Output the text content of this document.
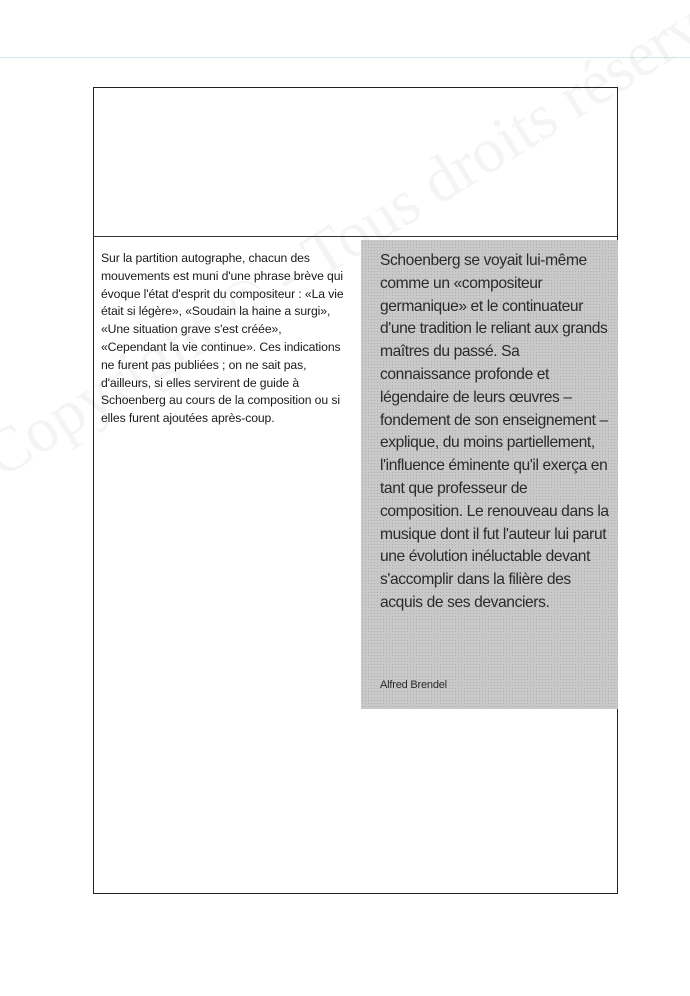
Sur la partition autographe, chacun des mouvements est muni d'une phrase brève qui évoque l'état d'esprit du compositeur : «La vie était si légère», «Soudain la haine a surgi», «Une situation grave s'est créée», «Cependant la vie continue». Ces indications ne furent pas publiées ; on ne sait pas, d'ailleurs, si elles servirent de guide à Schoenberg au cours de la composition ou si elles furent ajoutées après-coup.
Schoenberg se voyait lui-même comme un «compositeur germanique» et le continuateur d'une tradition le reliant aux grands maîtres du passé. Sa connaissance profonde et légendaire de leurs œuvres – fondement de son enseignement – explique, du moins partiellement, l'influence éminente qu'il exerça en tant que professeur de composition. Le renouveau dans la musique dont il fut l'auteur lui parut une évolution inéluctable devant s'accomplir dans la filière des acquis de ses devanciers.
Alfred Brendel
